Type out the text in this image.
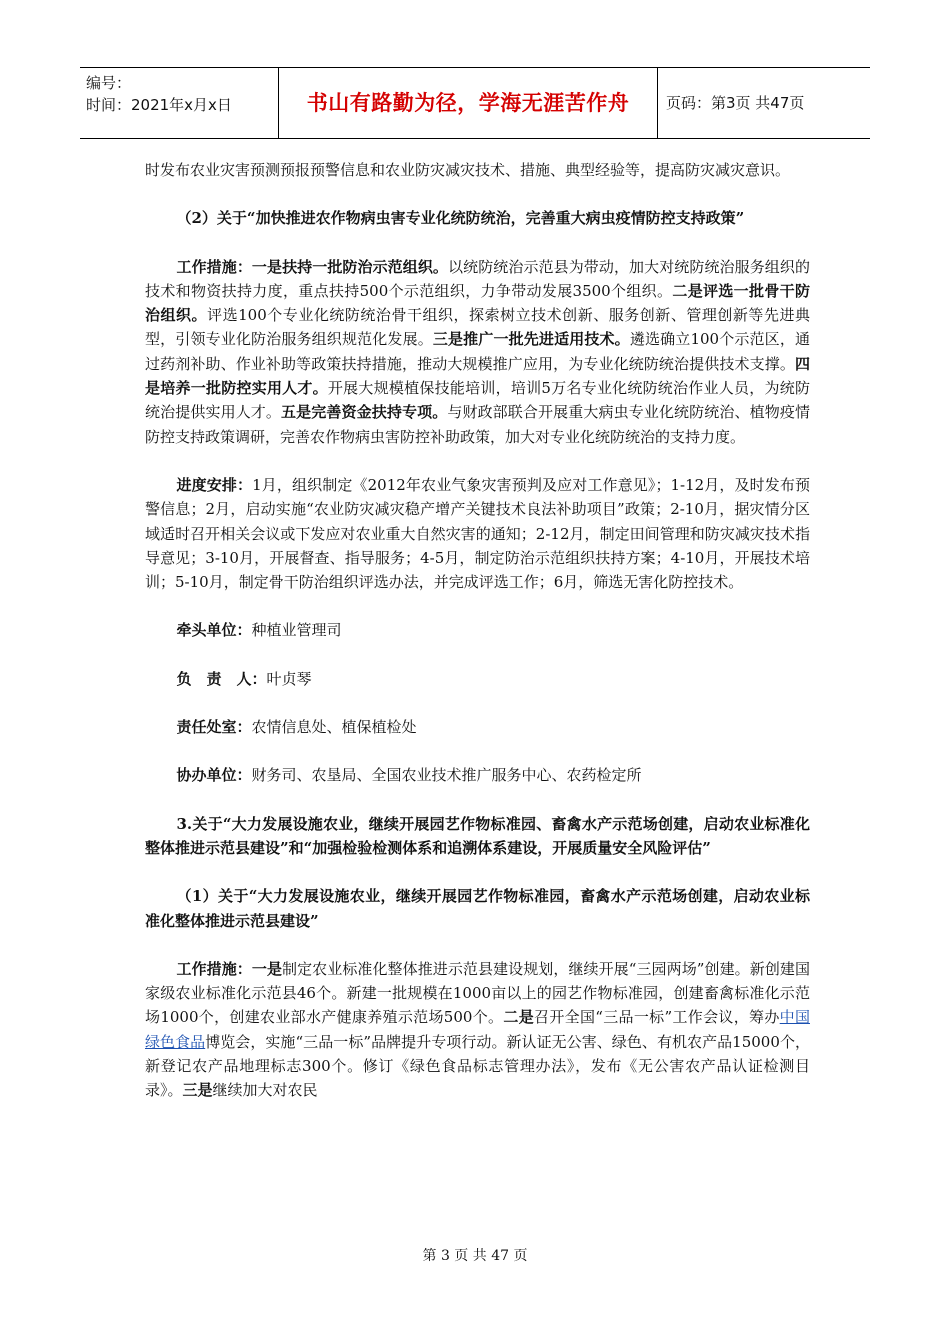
编号：
时间：2021年x月x日	书山有路勤为径，学海无涯苦作舟	页码：第3页 共47页

时发布农业灾害预测预报预警信息和农业防灾减灾技术、措施、典型经验等，提高防灾减灾意识。

（2）关于“加快推进农作物病虫害专业化统防统治，完善重大病虫疫情防控支持政策”

工作措施：一是扶持一批防治示范组织。以统防统治示范县为带动，加大对统防统治服务组织的技术和物资扶持力度，重点扶持500个示范组织，力争带动发展3500个组织。二是评选一批骨干防治组织。评选100个专业化统防统治骨干组织，探索树立技术创新、服务创新、管理创新等先进典型，引领专业化防治服务组织规范化发展。三是推广一批先进适用技术。遴选确立100个示范区，通过药剂补助、作业补助等政策扶持措施，推动大规模推广应用，为专业化统防统治提供技术支撑。四是培养一批防控实用人才。开展大规模植保技能培训，培训5万名专业化统防统治作业人员，为统防统治提供实用人才。五是完善资金扶持专项。与财政部联合开展重大病虫专业化统防统治、植物疫情防控支持政策调研，完善农作物病虫害防控补助政策，加大对专业化统防统治的支持力度。

进度安排：1月，组织制定《2012年农业气象灾害预判及应对工作意见》；1-12月，及时发布预警信息；2月，启动实施“农业防灾减灾稳产增产关键技术良法补助项目”政策；2-10月，据灾情分区域适时召开相关会议或下发应对农业重大自然灾害的通知；2-12月，制定田间管理和防灾减灾技术指导意见；3-10月，开展督查、指导服务；4-5月，制定防治示范组织扶持方案；4-10月，开展技术培训；5-10月，制定骨干防治组织评选办法，并完成评选工作；6月，筛选无害化防控技术。

牵头单位：种植业管理司

负　责　人：叶贞琴

责任处室：农情信息处、植保植检处

协办单位：财务司、农垦局、全国农业技术推广服务中心、农药检定所

3.关于“大力发展设施农业，继续开展园艺作物标准园、畜禽水产示范场创建，启动农业标准化整体推进示范县建设”和“加强检验检测体系和追溯体系建设，开展质量安全风险评估”

（1）关于“大力发展设施农业，继续开展园艺作物标准园，畜禽水产示范场创建，启动农业标准化整体推进示范县建设”

工作措施：一是制定农业标准化整体推进示范县建设规划，继续开展“三园两场”创建。新创建国家级农业标准化示范县46个。新建一批规模在1000亩以上的园艺作物标准园，创建畜禽标准化示范场1000个，创建农业部水产健康养殖示范场500个。二是召开全国“三品一标”工作会议，筹办中国绿色食品博览会，实施“三品一标”品牌提升专项行动。新认证无公害、绿色、有机农产品15000个，新登记农产品地理标志300个。修订《绿色食品标志管理办法》，发布《无公害农产品认证检测目录》。三是继续加大对农民

第 3 页 共 47 页
